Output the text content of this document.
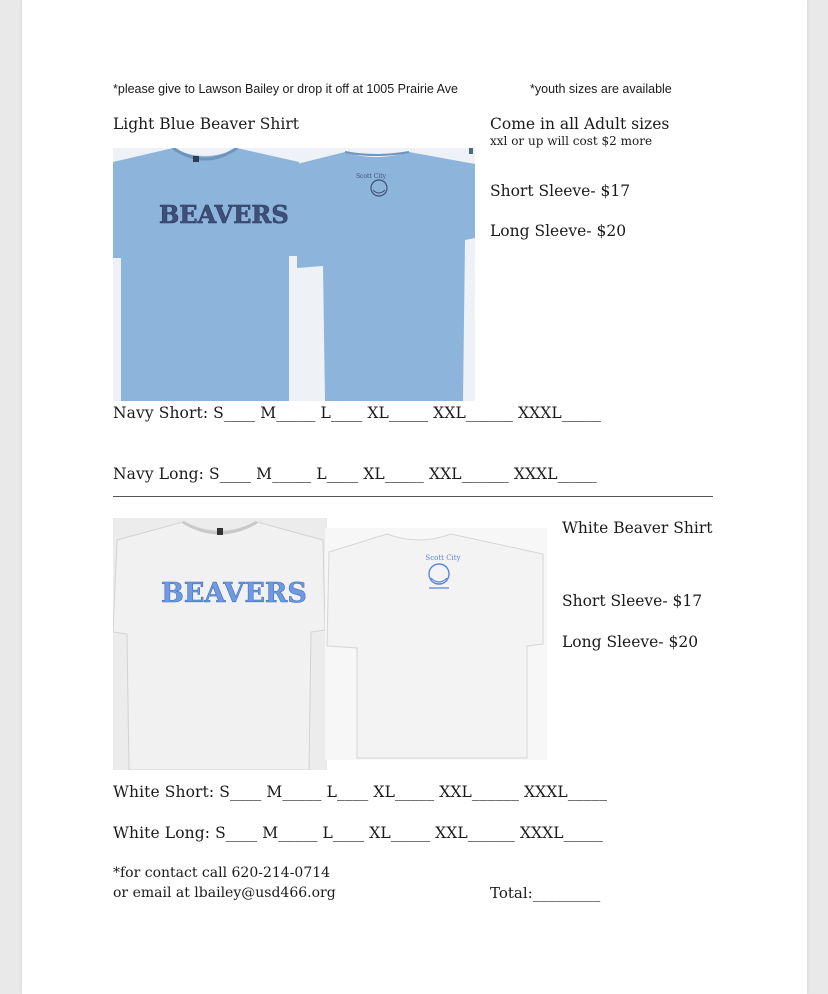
*please give to Lawson Bailey or drop it off at 1005 Prairie Ave	*youth sizes are available
Light Blue Beaver Shirt	Come in all Adult sizes
xxl or up will cost $2 more
Short Sleeve- $17
Long Sleeve- $20
BEAVERS
Scott City
Navy Short: S____ M_____ L____ XL_____ XXL______ XXXL_____
Navy Long: S____ M_____ L____ XL_____ XXL______ XXXL_____
White Beaver Shirt
Short Sleeve- $17
Long Sleeve- $20
BEAVERS
Scott City
White Short: S____ M_____ L____ XL_____ XXL______ XXXL_____
White Long: S____ M_____ L____ XL_____ XXL______ XXXL_____
*for contact call 620-214-0714
or email at lbailey@usd466.org	Total:_________
